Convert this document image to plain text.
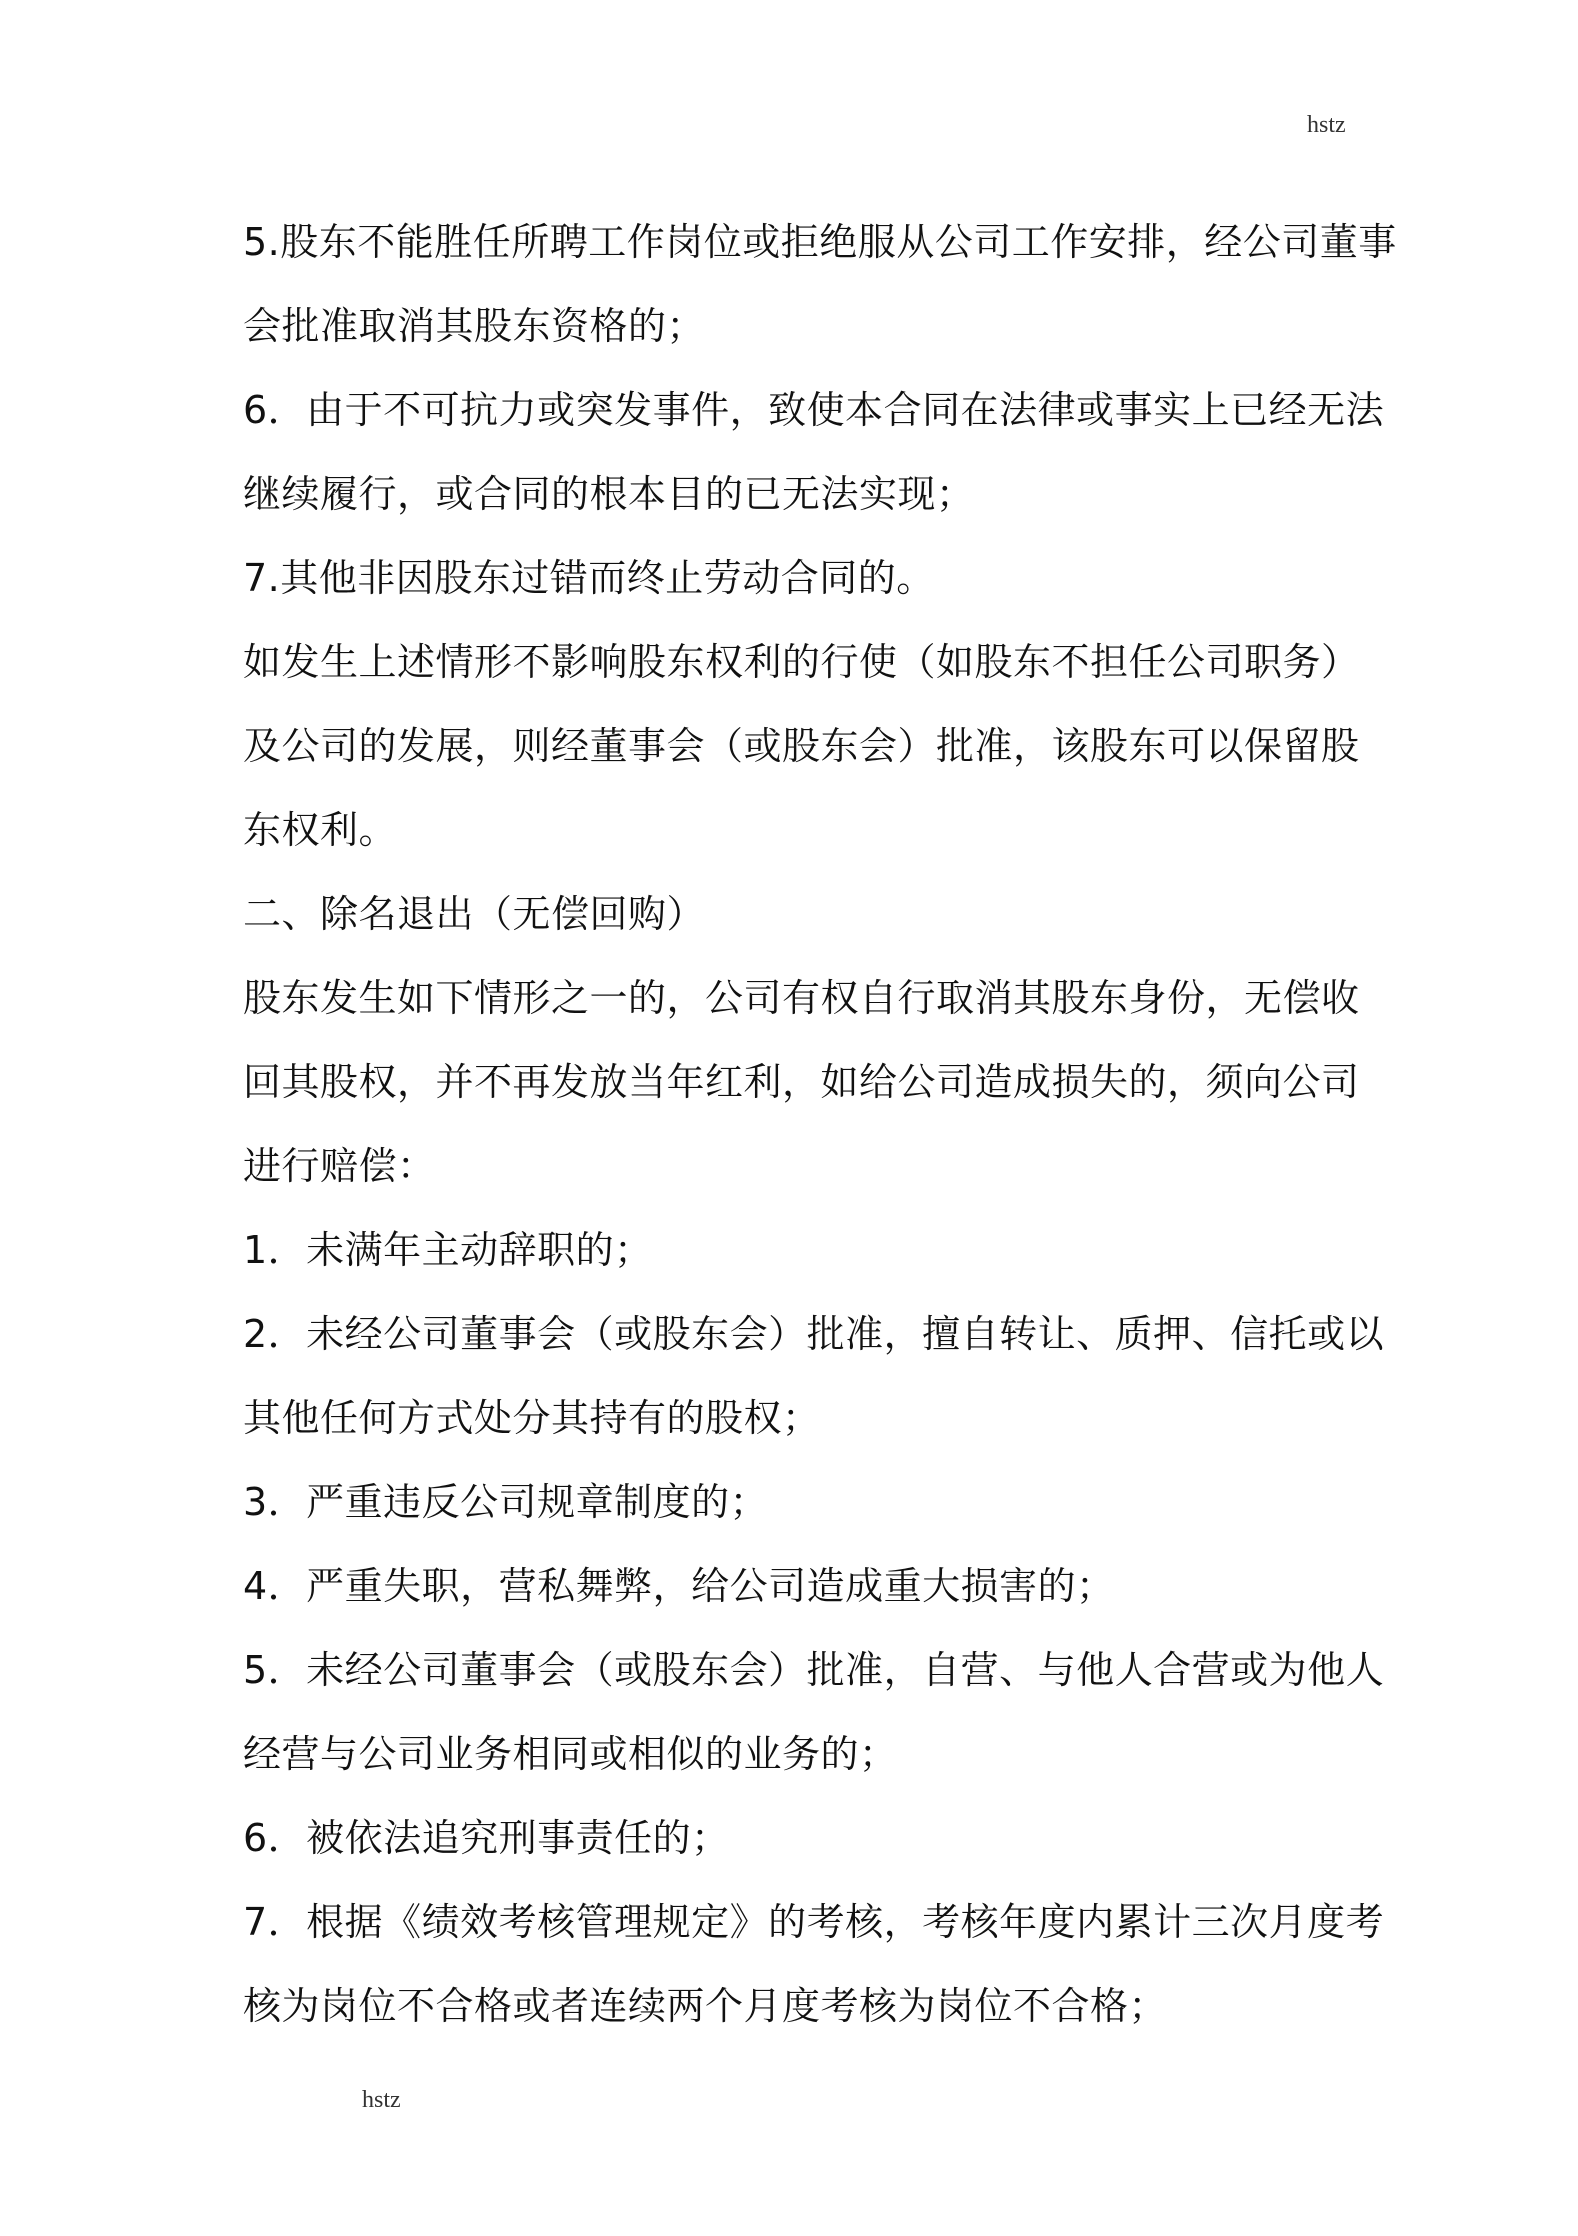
hstz
5.股东不能胜任所聘工作岗位或拒绝服从公司工作安排，经公司董事
会批准取消其股东资格的；
6．由于不可抗力或突发事件，致使本合同在法律或事实上已经无法
继续履行，或合同的根本目的已无法实现；
7.其他非因股东过错而终止劳动合同的。
如发生上述情形不影响股东权利的行使（如股东不担任公司职务）
及公司的发展，则经董事会（或股东会）批准，该股东可以保留股
东权利。
二、除名退出（无偿回购）
股东发生如下情形之一的，公司有权自行取消其股东身份，无偿收
回其股权，并不再发放当年红利，如给公司造成损失的，须向公司
进行赔偿：
1．未满年主动辞职的；
2．未经公司董事会（或股东会）批准，擅自转让、质押、信托或以
其他任何方式处分其持有的股权；
3．严重违反公司规章制度的；
4．严重失职，营私舞弊，给公司造成重大损害的；
5．未经公司董事会（或股东会）批准，自营、与他人合营或为他人
经营与公司业务相同或相似的业务的；
6．被依法追究刑事责任的；
7．根据《绩效考核管理规定》的考核，考核年度内累计三次月度考
核为岗位不合格或者连续两个月度考核为岗位不合格；
hstz
